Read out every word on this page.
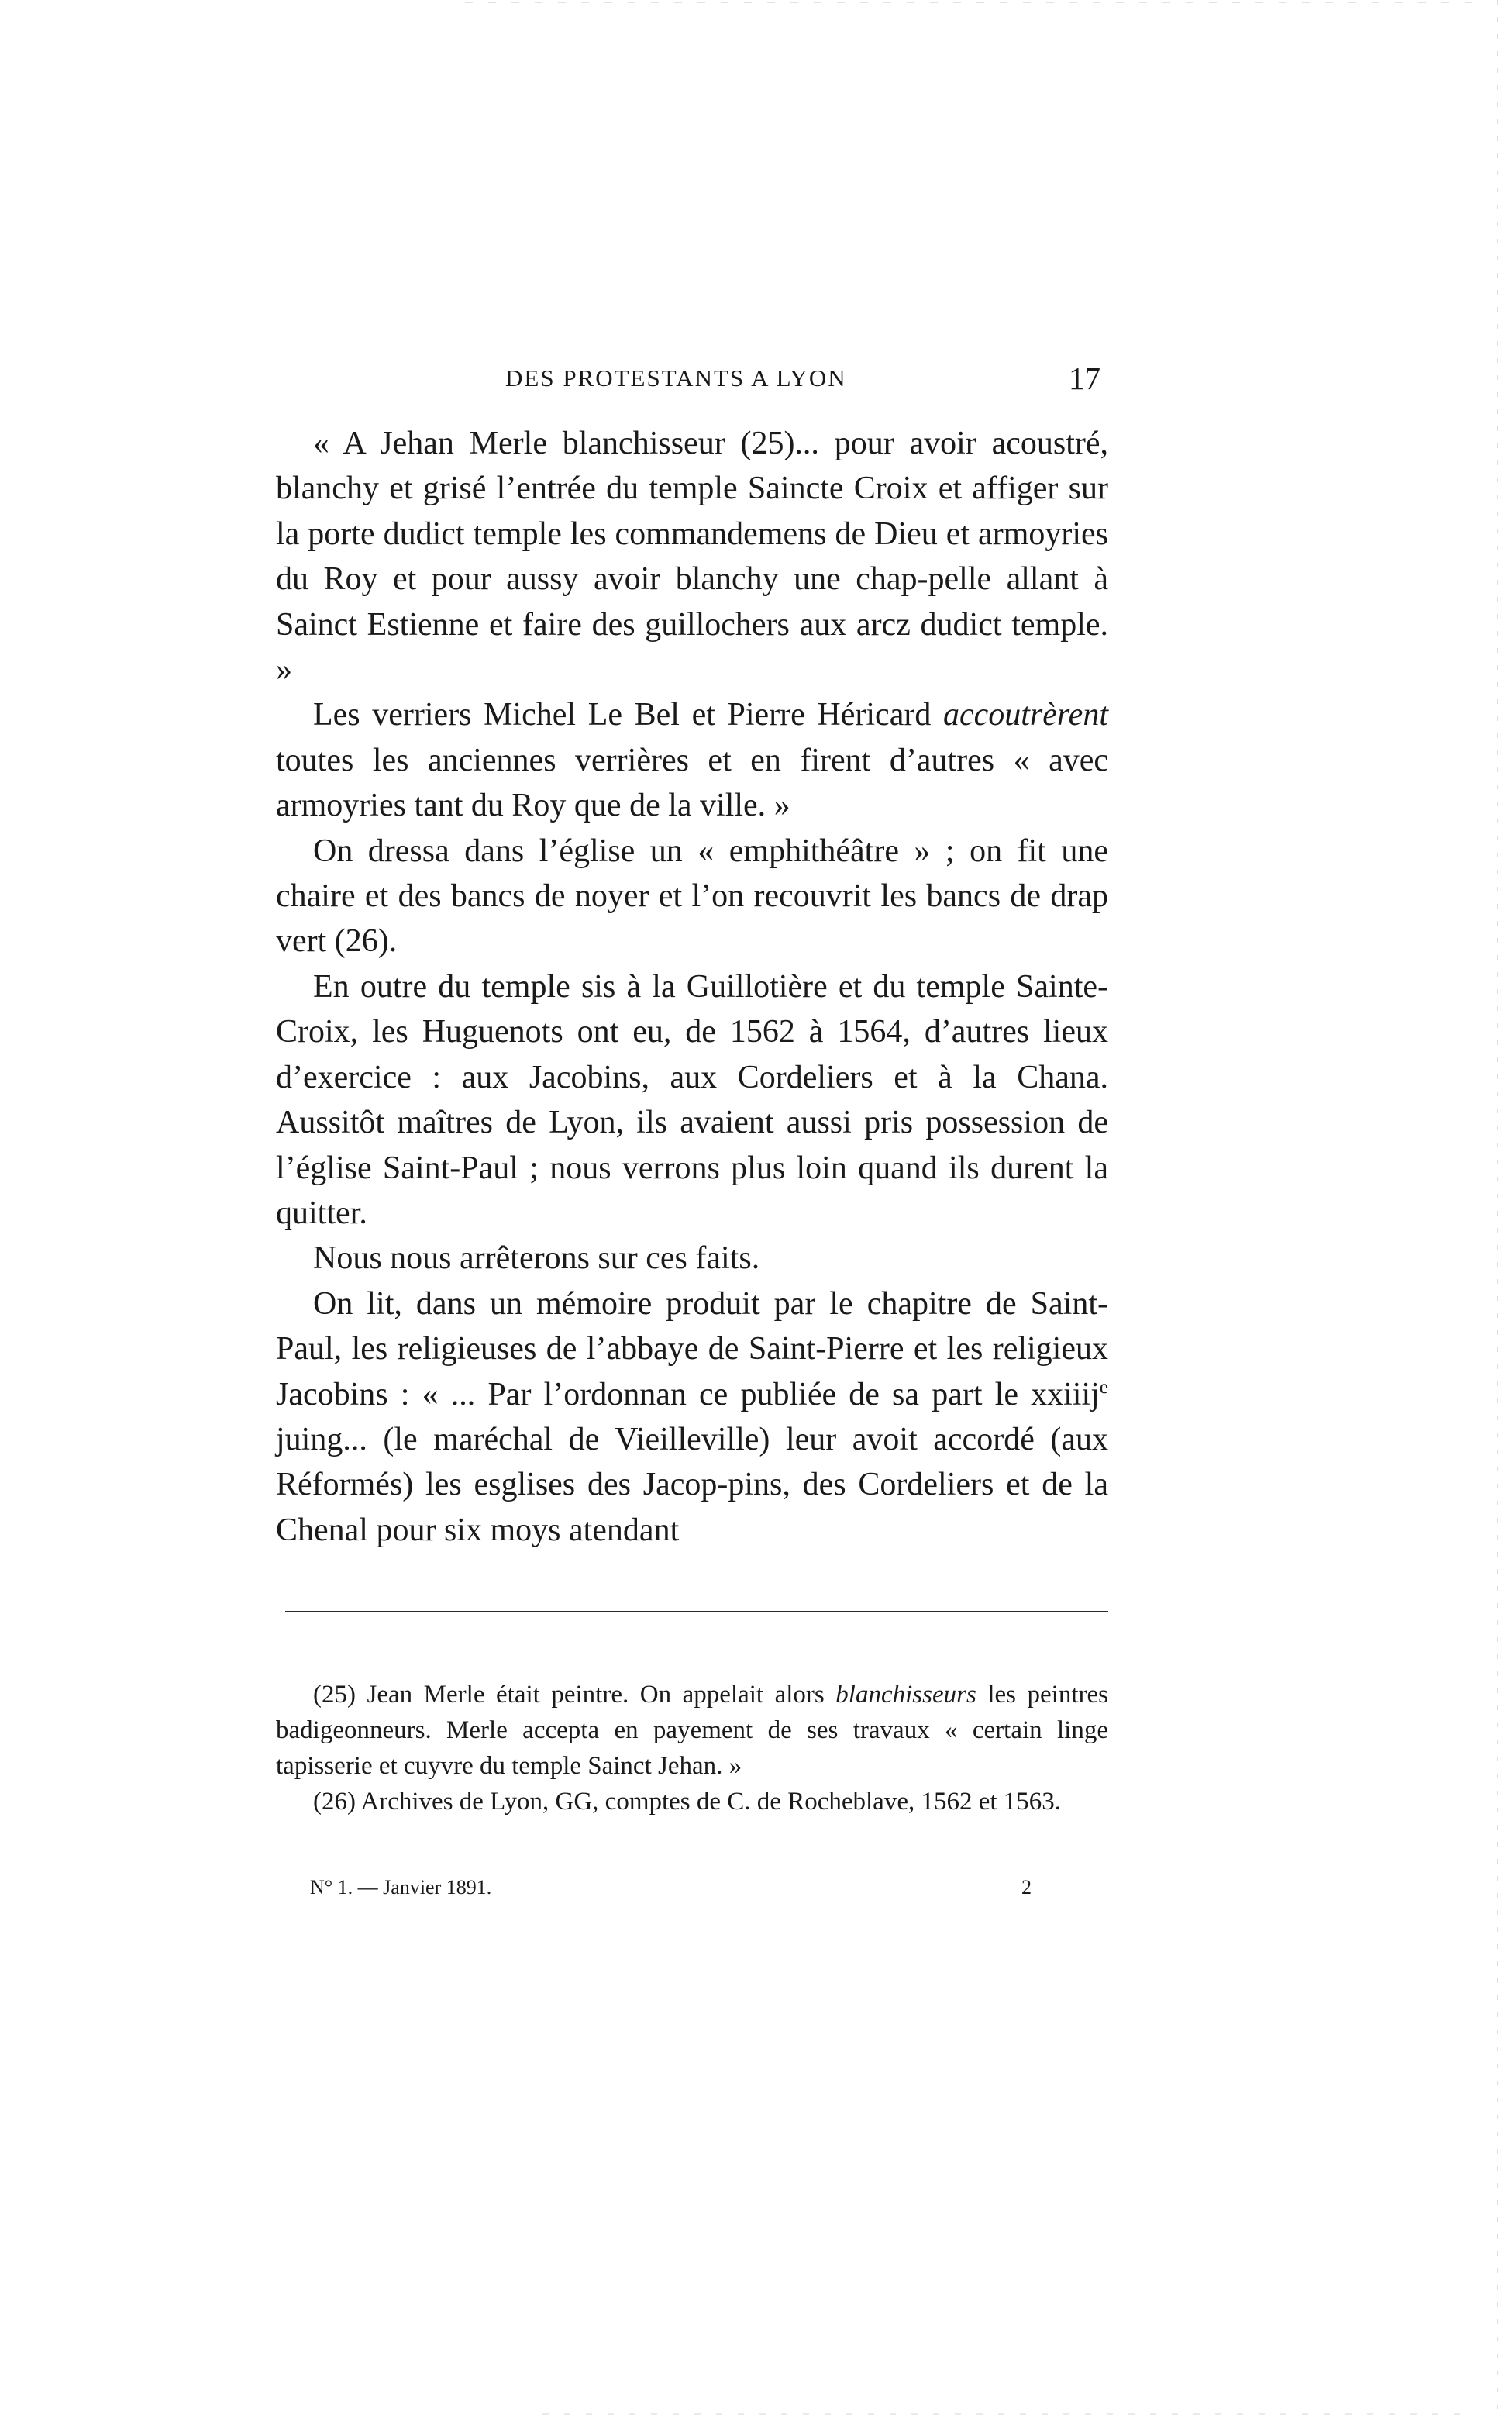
DES PROTESTANTS A LYON	17

« A Jehan Merle blanchisseur (25)... pour avoir acoustré, blanchy et grisé l’entrée du temple Saincte Croix et affiger sur la porte dudict temple les commandemens de Dieu et armoyries du Roy et pour aussy avoir blanchy une chap-pelle allant à Sainct Estienne et faire des guillochers aux arcz dudict temple. »

Les verriers Michel Le Bel et Pierre Héricard accoutrèrent toutes les anciennes verrières et en firent d’autres « avec armoyries tant du Roy que de la ville. »

On dressa dans l’église un « emphithéâtre » ; on fit une chaire et des bancs de noyer et l’on recouvrit les bancs de drap vert (26).

En outre du temple sis à la Guillotière et du temple Sainte-Croix, les Huguenots ont eu, de 1562 à 1564, d’autres lieux d’exercice : aux Jacobins, aux Cordeliers et à la Chana. Aussitôt maîtres de Lyon, ils avaient aussi pris possession de l’église Saint-Paul ; nous verrons plus loin quand ils durent la quitter.

Nous nous arrêterons sur ces faits.

On lit, dans un mémoire produit par le chapitre de Saint-Paul, les religieuses de l’abbaye de Saint-Pierre et les religieux Jacobins : « ... Par l’ordonnan ce publiée de sa part le xxiiij$^e$ juing... (le maréchal de Vieilleville) leur avoit accordé (aux Réformés) les esglises des Jacop-pins, des Cordeliers et de la Chenal pour six moys atendant

(25) Jean Merle était peintre. On appelait alors blanchisseurs les peintres badigeonneurs. Merle accepta en payement de ses travaux « certain linge tapisserie et cuyvre du temple Sainct Jehan. »

(26) Archives de Lyon, GG, comptes de C. de Rocheblave, 1562 et 1563.

N° 1. — Janvier 1891.	2
